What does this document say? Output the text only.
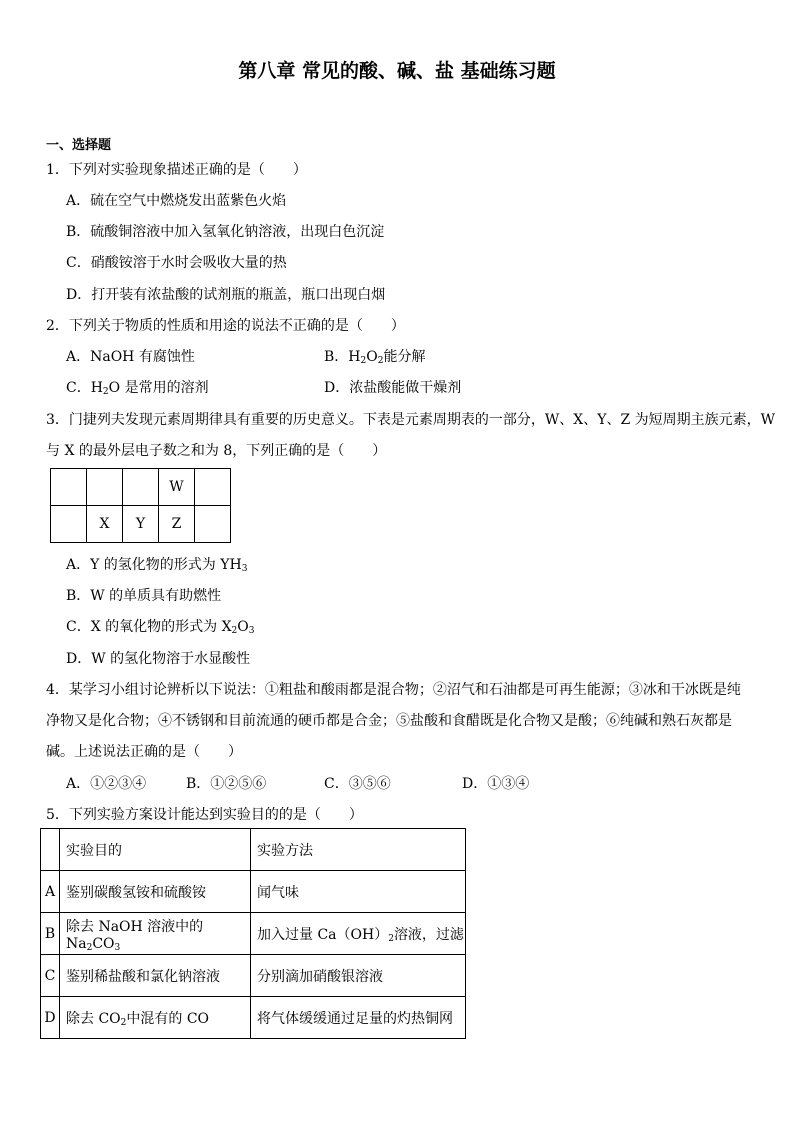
第八章 常见的酸、碱、盐 基础练习题
一、选择题
1．下列对实验现象描述正确的是（　　）
A．硫在空气中燃烧发出蓝紫色火焰
B．硫酸铜溶液中加入氢氧化钠溶液，出现白色沉淀
C．硝酸铵溶于水时会吸收大量的热
D．打开装有浓盐酸的试剂瓶的瓶盖，瓶口出现白烟
2．下列关于物质的性质和用途的说法不正确的是（　　）
A．NaOH 有腐蚀性	B．$H_2O_2$能分解
C．$H_2O$ 是常用的溶剂	D．浓盐酸能做干燥剂
3．门捷列夫发现元素周期律具有重要的历史意义。下表是元素周期表的一部分，W、X、Y、Z 为短周期主族元素，W
与 X 的最外层电子数之和为 8，下列正确的是（　　）
			W	
	X	Y	Z	
A．Y 的氢化物的形式为 $YH_3$
B．W 的单质具有助燃性
C．X 的氧化物的形式为 $X_2O_3$
D．W 的氢化物溶于水显酸性
4．某学习小组讨论辨析以下说法：①粗盐和酸雨都是混合物；②沼气和石油都是可再生能源；③冰和干冰既是纯
净物又是化合物；④不锈钢和目前流通的硬币都是合金；⑤盐酸和食醋既是化合物又是酸；⑥纯碱和熟石灰都是
碱。上述说法正确的是（　　）
A．①②③④	B．①②⑤⑥	C．③⑤⑥	D．①③④
5．下列实验方案设计能达到实验目的的是（　　）
	实验目的	实验方法
A	鉴别碳酸氢铵和硫酸铵	闻气味
B	除去 NaOH 溶液中的 $Na_2CO_3$	加入过量 $Ca(OH)_2$溶液，过滤
C	鉴别稀盐酸和氯化钠溶液	分别滴加硝酸银溶液
D	除去 $CO_2$中混有的 CO	将气体缓缓通过足量的灼热铜网
